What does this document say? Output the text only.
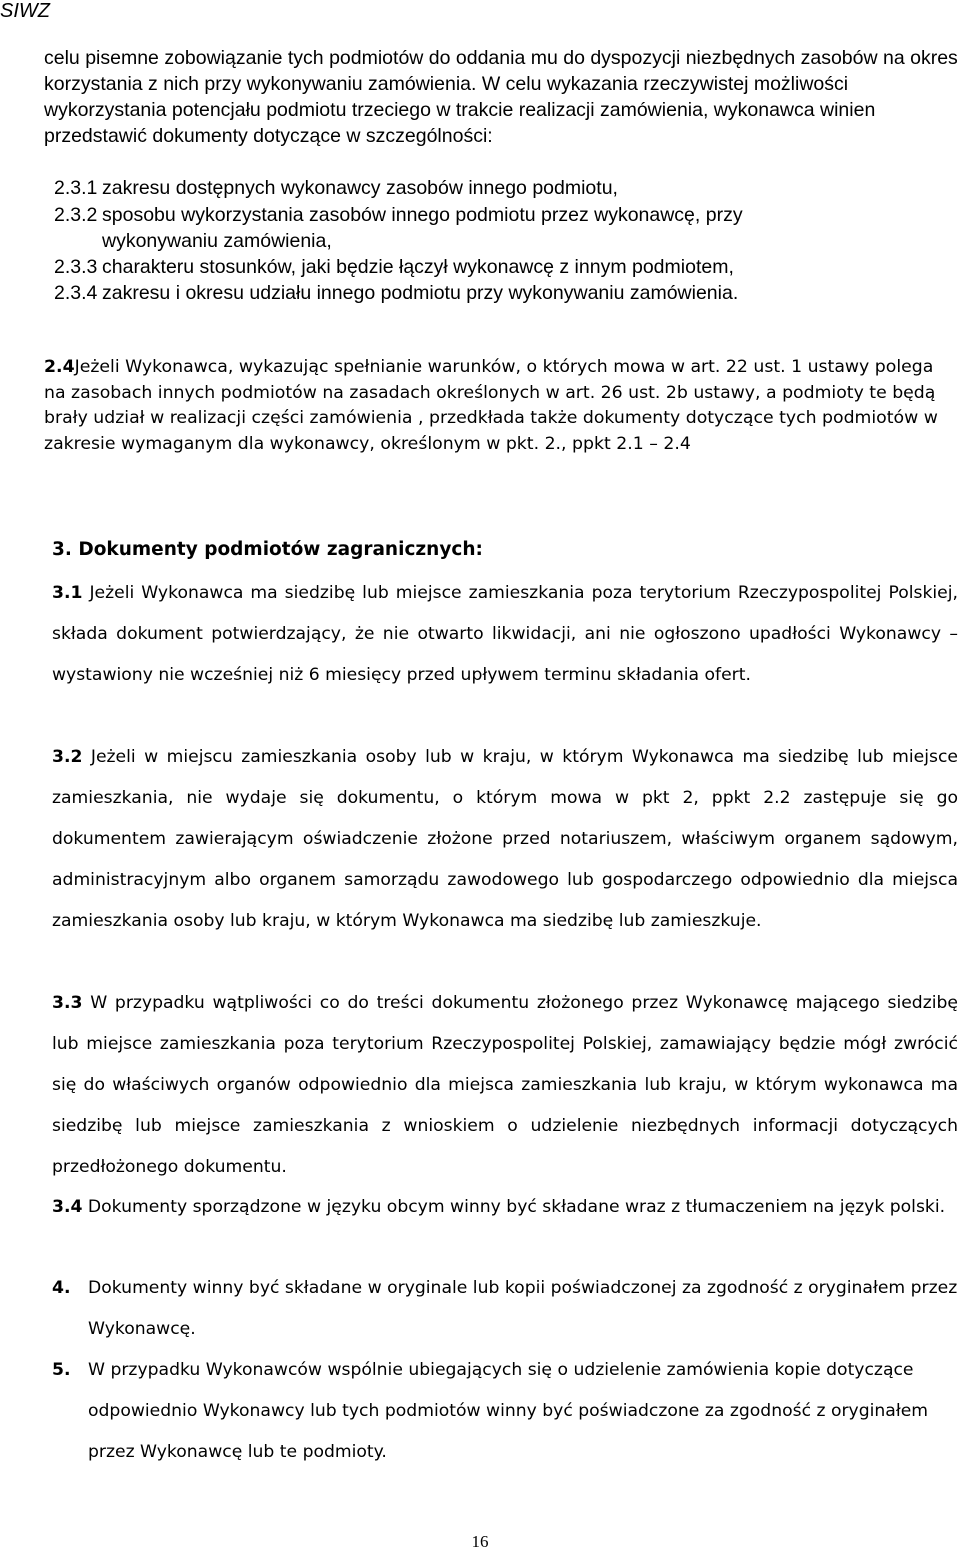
SIWZ
celu pisemne zobowiązanie tych podmiotów do oddania mu do dyspozycji niezbędnych zasobów na okres korzystania z nich przy wykonywaniu zamówienia. W celu wykazania rzeczywistej możliwości wykorzystania potencjału podmiotu trzeciego w trakcie realizacji zamówienia, wykonawca winien przedstawić dokumenty dotyczące w szczególności:
2.3.1 zakresu dostępnych wykonawcy zasobów innego podmiotu,
2.3.2 sposobu wykorzystania zasobów innego podmiotu przez wykonawcę, przy
wykonywaniu zamówienia,
2.3.3 charakteru stosunków, jaki będzie łączył wykonawcę z innym podmiotem,
2.3.4 zakresu i okresu udziału innego podmiotu przy wykonywaniu zamówienia.
2.4Jeżeli Wykonawca, wykazując spełnianie warunków, o których mowa w art. 22 ust. 1 ustawy polega na zasobach innych podmiotów na zasadach określonych w art. 26 ust. 2b ustawy, a podmioty te będą brały udział w realizacji części zamówienia , przedkłada także dokumenty dotyczące tych podmiotów w zakresie wymaganym dla wykonawcy, określonym w pkt. 2., ppkt 2.1 – 2.4
3. Dokumenty podmiotów zagranicznych:
3.1 Jeżeli Wykonawca ma siedzibę lub miejsce zamieszkania poza terytorium Rzeczypospolitej Polskiej, składa dokument potwierdzający, że nie otwarto likwidacji, ani nie ogłoszono upadłości Wykonawcy – wystawiony nie wcześniej niż 6 miesięcy przed upływem terminu składania ofert.
3.2 Jeżeli w miejscu zamieszkania osoby lub w kraju, w którym Wykonawca ma siedzibę lub miejsce zamieszkania, nie wydaje się dokumentu, o którym mowa w pkt 2, ppkt 2.2 zastępuje się go dokumentem zawierającym oświadczenie złożone przed notariuszem, właściwym organem sądowym, administracyjnym albo organem samorządu zawodowego lub gospodarczego odpowiednio dla miejsca zamieszkania osoby lub kraju, w którym Wykonawca ma siedzibę lub zamieszkuje.
3.3 W przypadku wątpliwości co do treści dokumentu złożonego przez Wykonawcę mającego siedzibę lub miejsce zamieszkania poza terytorium Rzeczypospolitej Polskiej, zamawiający będzie mógł zwrócić się do właściwych organów odpowiednio dla miejsca zamieszkania lub kraju, w którym wykonawca ma siedzibę lub miejsce zamieszkania z wnioskiem o udzielenie niezbędnych informacji dotyczących przedłożonego dokumentu.
3.4 Dokumenty sporządzone w języku obcym winny być składane wraz z tłumaczeniem na język polski.
4. Dokumenty winny być składane w oryginale lub kopii poświadczonej za zgodność z oryginałem przez Wykonawcę.
5. W przypadku Wykonawców wspólnie ubiegających się o udzielenie zamówienia kopie dotyczące odpowiednio Wykonawcy lub tych podmiotów winny być poświadczone za zgodność z oryginałem przez Wykonawcę lub te podmioty.
16
